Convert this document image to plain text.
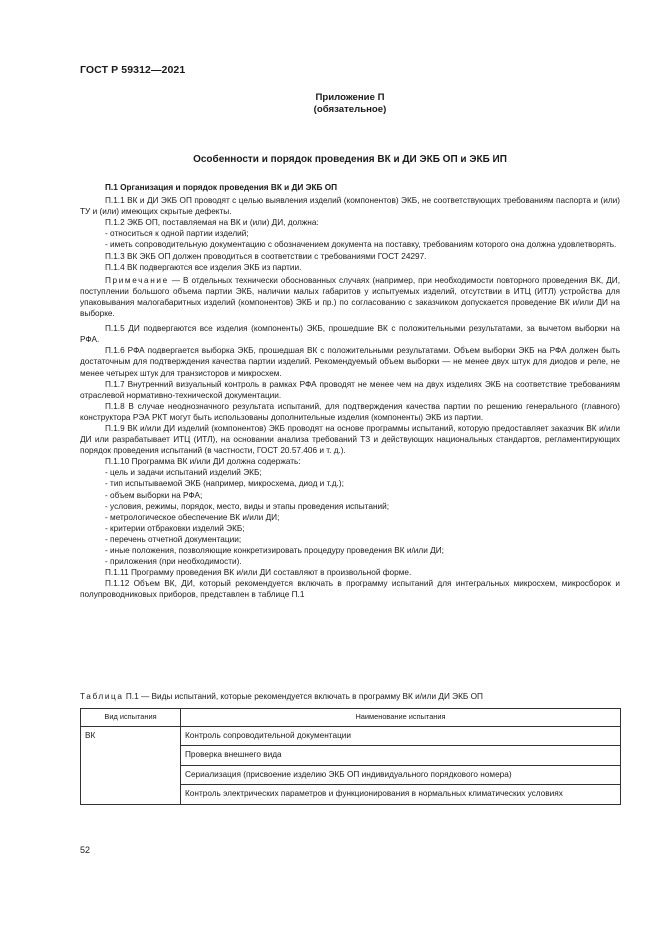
ГОСТ Р 59312—2021
Приложение П
(обязательное)
Особенности и порядок проведения ВК и ДИ ЭКБ ОП и ЭКБ ИП

П.1 Организация и порядок проведения ВК и ДИ ЭКБ ОП

П.1.1 ВК и ДИ ЭКБ ОП проводят с целью выявления изделий (компонентов) ЭКБ, не соответствующих требованиям паспорта и (или) ТУ и (или) имеющих скрытые дефекты.

П.1.2 ЭКБ ОП, поставляемая на ВК и (или) ДИ, должна:

- относиться к одной партии изделий;

- иметь сопроводительную документацию с обозначением документа на поставку, требованиям которого она должна удовлетворять.

П.1.3 ВК ЭКБ ОП должен проводиться в соответствии с требованиями ГОСТ 24297.

П.1.4 ВК подвергаются все изделия ЭКБ из партии.

Примечание — В отдельных технически обоснованных случаях (например, при необходимости повторного проведения ВК, ДИ, поступлении большого объема партии ЭКБ, наличии малых габаритов у испытуемых изделий, отсутствии в ИТЦ (ИТЛ) устройства для упаковывания малогабаритных изделий (компонентов) ЭКБ и пр.) по согласованию с заказчиком допускается проведение ВК и/или ДИ на выборке.

П.1.5 ДИ подвергаются все изделия (компоненты) ЭКБ, прошедшие ВК с положительными результатами, за вычетом выборки на РФА.

П.1.6 РФА подвергается выборка ЭКБ, прошедшая ВК с положительными результатами. Объем выборки ЭКБ на РФА должен быть достаточным для подтверждения качества партии изделий. Рекомендуемый объем выборки — не менее двух штук для диодов и реле, не менее четырех штук для транзисторов и микросхем.

П.1.7 Внутренний визуальный контроль в рамках РФА проводят не менее чем на двух изделиях ЭКБ на соответствие требованиям отраслевой нормативно-технической документации.

П.1.8 В случае неоднозначного результата испытаний, для подтверждения качества партии по решению генерального (главного) конструктора РЭА РКТ могут быть использованы дополнительные изделия (компоненты) ЭКБ из партии.

П.1.9 ВК и/или ДИ изделий (компонентов) ЭКБ проводят на основе программы испытаний, которую предоставляет заказчик ВК и/или ДИ или разрабатывает ИТЦ (ИТЛ), на основании анализа требований ТЗ и действующих национальных стандартов, регламентирующих порядок проведения испытаний (в частности, ГОСТ 20.57.406 и т. д.).

П.1.10 Программа ВК и/или ДИ должна содержать:

- цель и задачи испытаний изделий ЭКБ;

- тип испытываемой ЭКБ (например, микросхема, диод и т.д.);

- объем выборки на РФА;

- условия, режимы, порядок, место, виды и этапы проведения испытаний;

- метрологическое обеспечение ВК и/или ДИ;

- критерии отбраковки изделий ЭКБ;

- перечень отчетной документации;

- иные положения, позволяющие конкретизировать процедуру проведения ВК и/или ДИ;

- приложения (при необходимости).

П.1.11 Программу проведения ВК и/или ДИ составляют в произвольной форме.

П.1.12 Объем ВК, ДИ, который рекомендуется включать в программу испытаний для интегральных микросхем, микросборок и полупроводниковых приборов, представлен в таблице П.1

Таблица П.1 — Виды испытаний, которые рекомендуется включать в программу ВК и/или ДИ ЭКБ ОП
Вид испытания	Наименование испытания
ВК	Контроль сопроводительной документации
	Проверка внешнего вида
	Сериализация (присвоение изделию ЭКБ ОП индивидуального порядкового номера)
	Контроль электрических параметров и функционирования в нормальных климатических условиях
52
